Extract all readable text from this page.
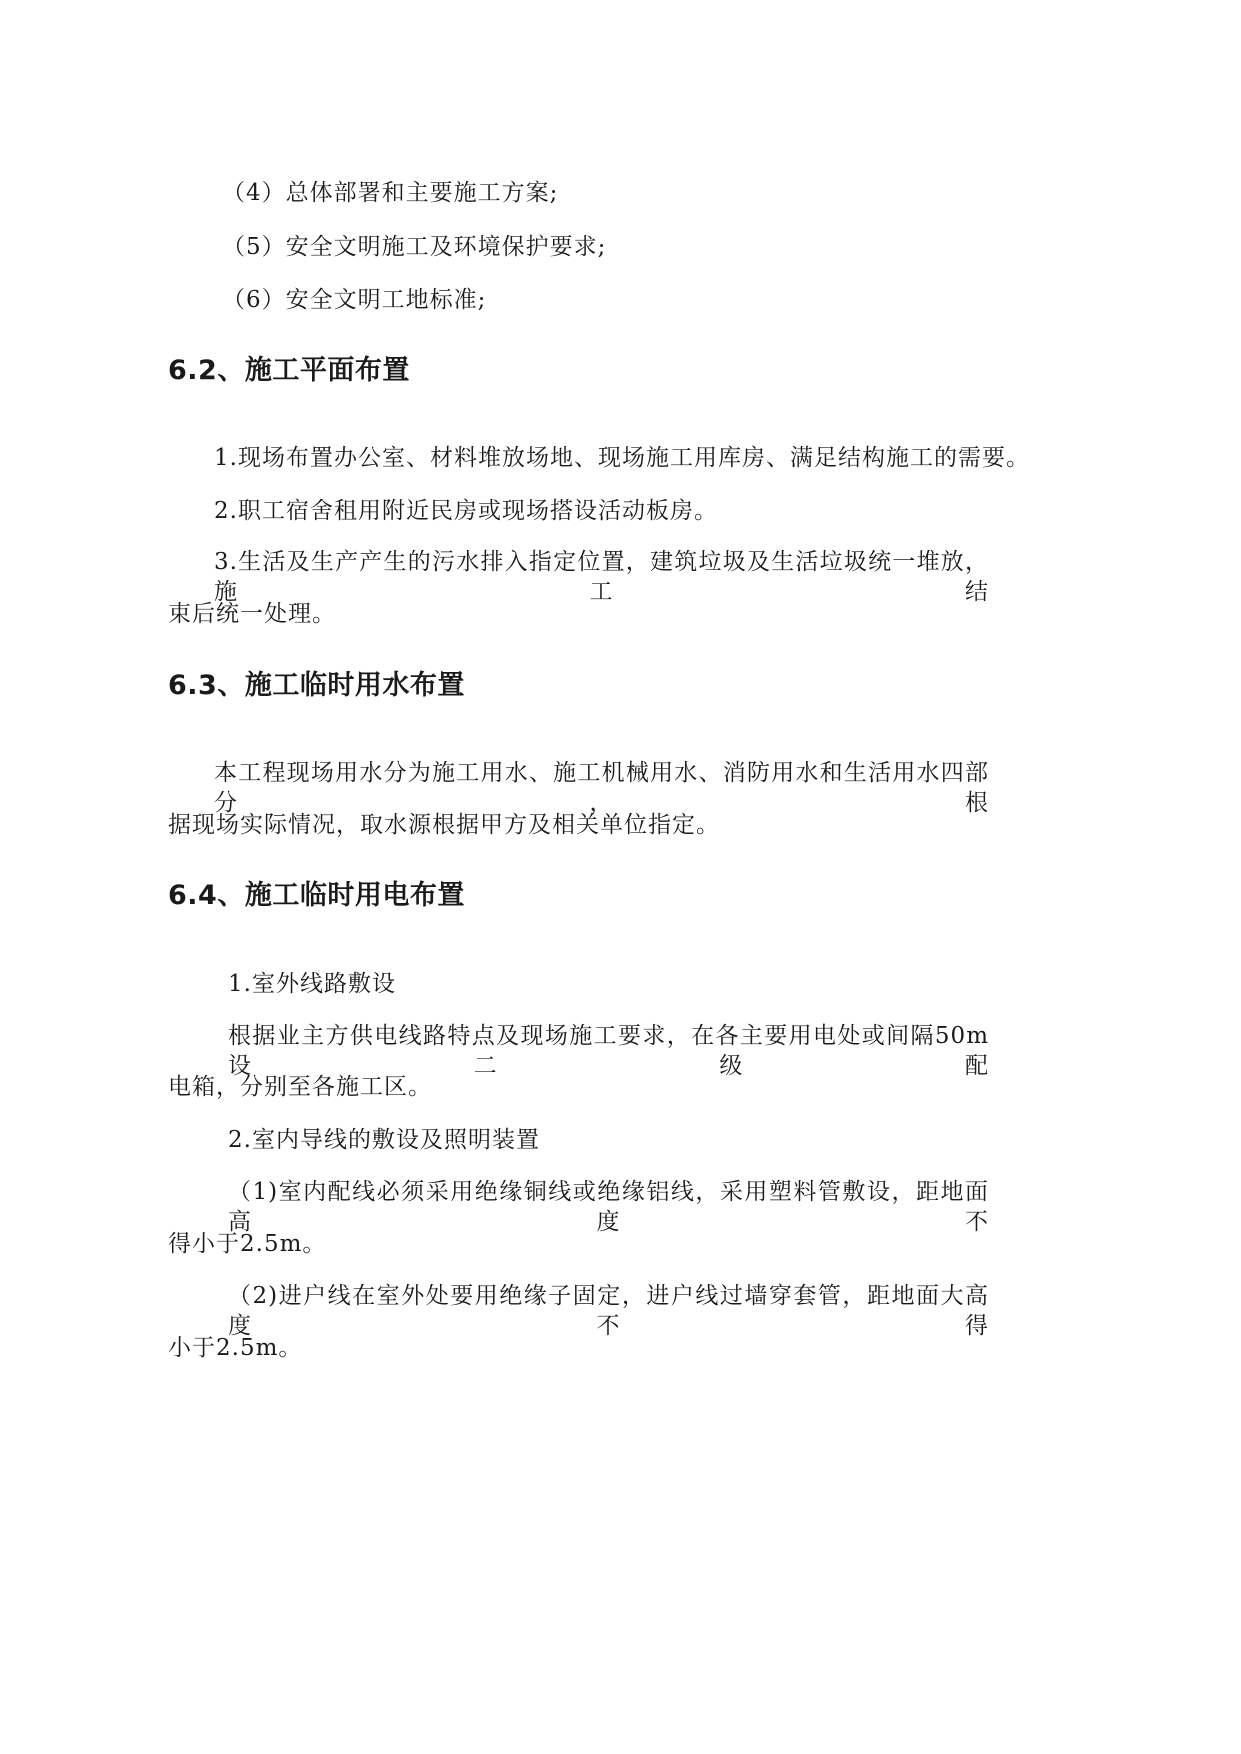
（4）总体部署和主要施工方案;
（5）安全文明施工及环境保护要求;
（6）安全文明工地标准;
6.2、施工平面布置
1.现场布置办公室、材料堆放场地、现场施工用库房、满足结构施工的需要。
2.职工宿舍租用附近民房或现场搭设活动板房。
3.生活及生产产生的污水排入指定位置，建筑垃圾及生活垃圾统一堆放，施工结
束后统一处理。
6.3、施工临时用水布置
本工程现场用水分为施工用水、施工机械用水、消防用水和生活用水四部分，根
据现场实际情况，取水源根据甲方及相关单位指定。
6.4、施工临时用电布置
1.室外线路敷设
根据业主方供电线路特点及现场施工要求，在各主要用电处或间隔50m设二级配
电箱，分别至各施工区。
2.室内导线的敷设及照明装置
（1)室内配线必须采用绝缘铜线或绝缘铝线，采用塑料管敷设，距地面高度不
得小于2.5m。
（2)进户线在室外处要用绝缘子固定，进户线过墙穿套管，距地面大高度不得
小于2.5m。
